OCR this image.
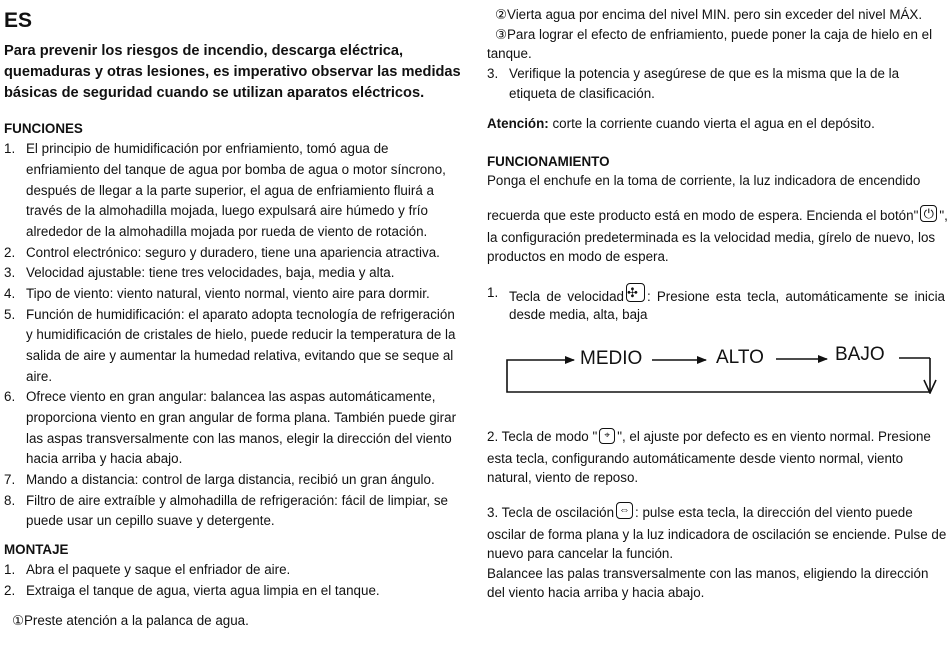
ES
Para prevenir los riesgos de incendio, descarga eléctrica,
quemaduras y otras lesiones, es imperativo observar las medidas
básicas de seguridad cuando se utilizan aparatos eléctricos.
FUNCIONES
1. El principio de humidificación por enfriamiento, tomó agua de
enfriamiento del tanque de agua por bomba de agua o motor síncrono,
después de llegar a la parte superior, el agua de enfriamiento fluirá a
través de la almohadilla mojada, luego expulsará aire húmedo y frío
alrededor de la almohadilla mojada por rueda de viento de rotación.
2. Control electrónico: seguro y duradero, tiene una apariencia atractiva.
3. Velocidad ajustable: tiene tres velocidades, baja, media y alta.
4. Tipo de viento: viento natural, viento normal, viento aire para dormir.
5. Función de humidificación: el aparato adopta tecnología de refrigeración
y humidificación de cristales de hielo, puede reducir la temperatura de la
salida de aire y aumentar la humedad relativa, evitando que se seque al
aire.
6. Ofrece viento en gran angular: balancea las aspas automáticamente,
proporciona viento en gran angular de forma plana. También puede girar
las aspas transversalmente con las manos, elegir la dirección del viento
hacia arriba y hacia abajo.
7. Mando a distancia: control de larga distancia, recibió un gran ángulo.
8. Filtro de aire extraíble y almohadilla de refrigeración: fácil de limpiar, se
puede usar un cepillo suave y detergente.
MONTAJE
1. Abra el paquete y saque el enfriador de aire.
2. Extraiga el tanque de agua, vierta agua limpia en el tanque.
①Preste atención a la palanca de agua.
②Vierta agua por encima del nivel MIN. pero sin exceder del nivel MÁX.
③Para lograr el efecto de enfriamiento, puede poner la caja de hielo en el
tanque.
3. Verifique la potencia y asegúrese de que es la misma que la de la
etiqueta de clasificación.
Atención: corte la corriente cuando vierta el agua en el depósito.
FUNCIONAMIENTO
Ponga el enchufe en la toma de corriente, la luz indicadora de encendido
recuerda que este producto está en modo de espera. Encienda el botón" ⏻ ",
la configuración predeterminada es la velocidad media, gírelo de nuevo, los
productos en modo de espera.
1. Tecla de velocidad ✣ : Presione esta tecla, automáticamente se inicia
desde media, alta, baja
2. Tecla de modo " ⌖ ", el ajuste por defecto es en viento normal. Presione
esta tecla, configurando automáticamente desde viento normal, viento
natural, viento de reposo.
3. Tecla de oscilación ⇔ : pulse esta tecla, la dirección del viento puede
oscilar de forma plana y la luz indicadora de oscilación se enciende. Pulse de
nuevo para cancelar la función.
Balancee las palas transversalmente con las manos, eligiendo la dirección
del viento hacia arriba y hacia abajo.
MEDIO	ALTO	BAJO
